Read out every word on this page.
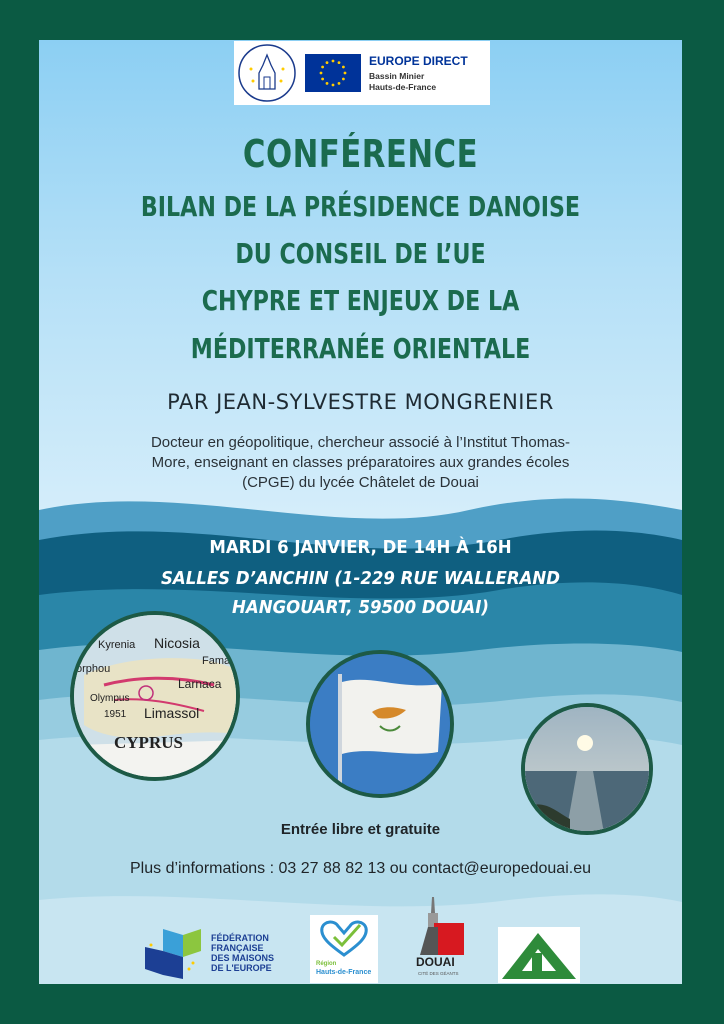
EUROPE DIRECT
Bassin Minier
Hauts-de-France
CONFÉRENCE
BILAN DE LA PRÉSIDENCE DANOISE
DU CONSEIL DE L’UE
CHYPRE ET ENJEUX DE LA
MÉDITERRANÉE ORIENTALE
PAR JEAN-SYLVESTRE MONGRENIER
Docteur en géopolitique, chercheur associé à l’Institut Thomas-
More, enseignant en classes préparatoires aux grandes écoles
(CPGE) du lycée Châtelet de Douai
MARDI 6 JANVIER, DE 14H À 16H
SALLES D’ANCHIN (1-229 RUE WALLERAND
HANGOUART, 59500 DOUAI)
Kyrenia Nicosia
Famag
orphou
Larnaca
Olympus
1951 Limassol
CYPRUS
Entrée libre et gratuite
Plus d’informations : 03 27 88 82 13 ou contact@europedouai.eu
FÉDÉRATION
FRANÇAISE
DES MAISONS
DE L'EUROPE	Région
Hauts-de-France
DOUAI
CITÉ DES GÉANTS
